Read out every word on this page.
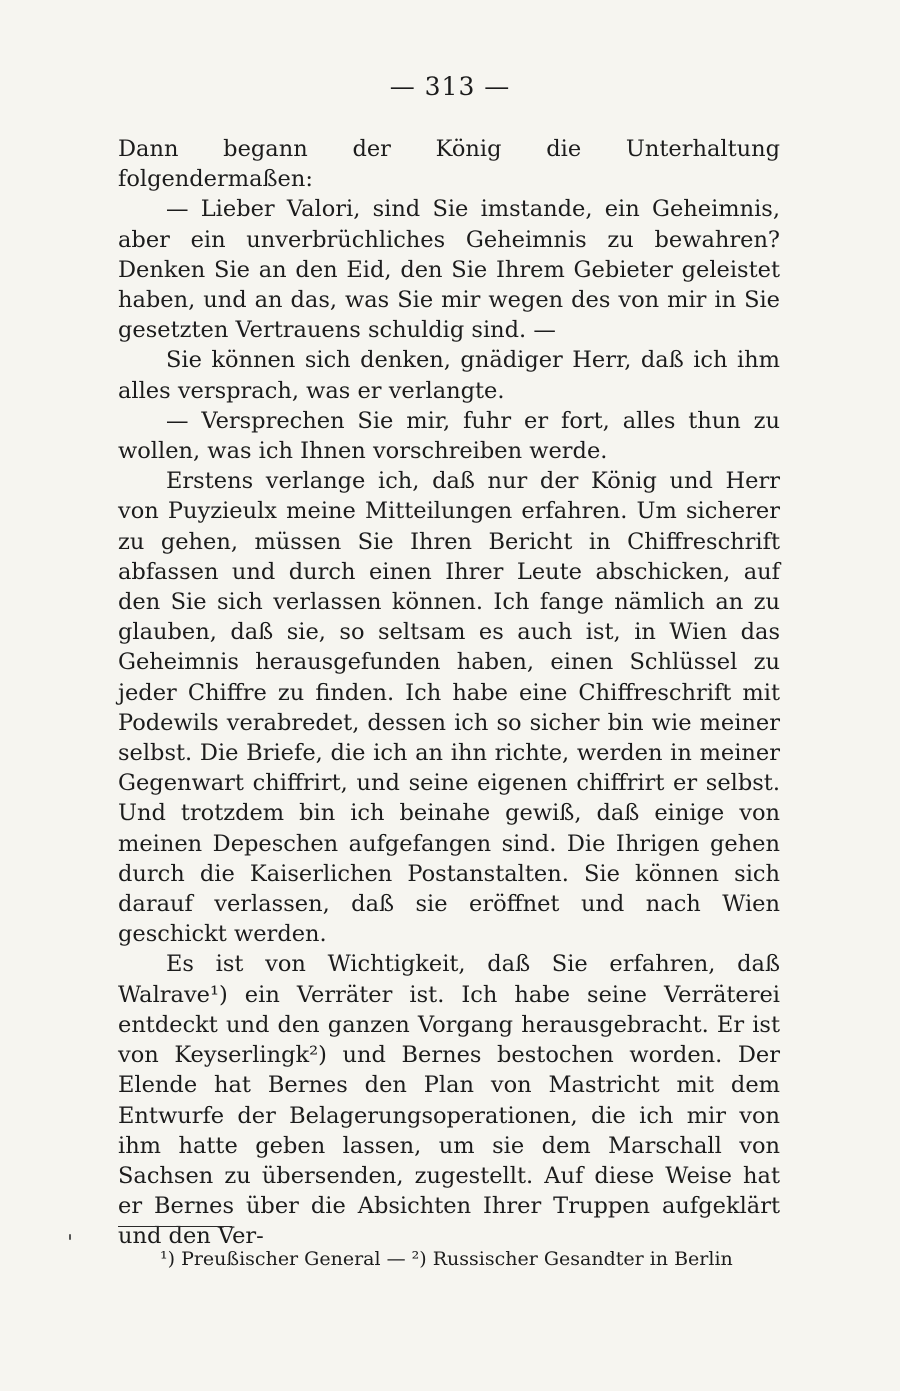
— 313 —

Dann begann der König die Unterhaltung folgendermaßen:

— Lieber Valori, sind Sie imstande, ein Geheimnis, aber ein unverbrüchliches Geheimnis zu bewahren? Denken Sie an den Eid, den Sie Ihrem Gebieter geleistet haben, und an das, was Sie mir wegen des von mir in Sie gesetzten Vertrauens schuldig sind. —

Sie können sich denken, gnädiger Herr, daß ich ihm alles versprach, was er verlangte.

— Versprechen Sie mir, fuhr er fort, alles thun zu wollen, was ich Ihnen vorschreiben werde.

Erstens verlange ich, daß nur der König und Herr von Puyzieulx meine Mitteilungen erfahren. Um sicherer zu gehen, müssen Sie Ihren Bericht in Chiffreschrift abfassen und durch einen Ihrer Leute abschicken, auf den Sie sich verlassen können. Ich fange nämlich an zu glauben, daß sie, so seltsam es auch ist, in Wien das Geheimnis herausgefunden haben, einen Schlüssel zu jeder Chiffre zu finden. Ich habe eine Chiffreschrift mit Podewils verabredet, dessen ich so sicher bin wie meiner selbst. Die Briefe, die ich an ihn richte, werden in meiner Gegenwart chiffrirt, und seine eigenen chiffrirt er selbst. Und trotzdem bin ich beinahe gewiß, daß einige von meinen Depeschen aufgefangen sind. Die Ihrigen gehen durch die Kaiserlichen Postanstalten. Sie können sich darauf verlassen, daß sie eröffnet und nach Wien geschickt werden.

Es ist von Wichtigkeit, daß Sie erfahren, daß Walrave¹) ein Verräter ist. Ich habe seine Verräterei entdeckt und den ganzen Vorgang herausgebracht. Er ist von Keyserlingk²) und Bernes bestochen worden. Der Elende hat Bernes den Plan von Mastricht mit dem Entwurfe der Belagerungsoperationen, die ich mir von ihm hatte geben lassen, um sie dem Marschall von Sachsen zu übersenden, zugestellt. Auf diese Weise hat er Bernes über die Absichten Ihrer Truppen aufgeklärt und den Ver-

¹) Preußischer General — ²) Russischer Gesandter in Berlin
